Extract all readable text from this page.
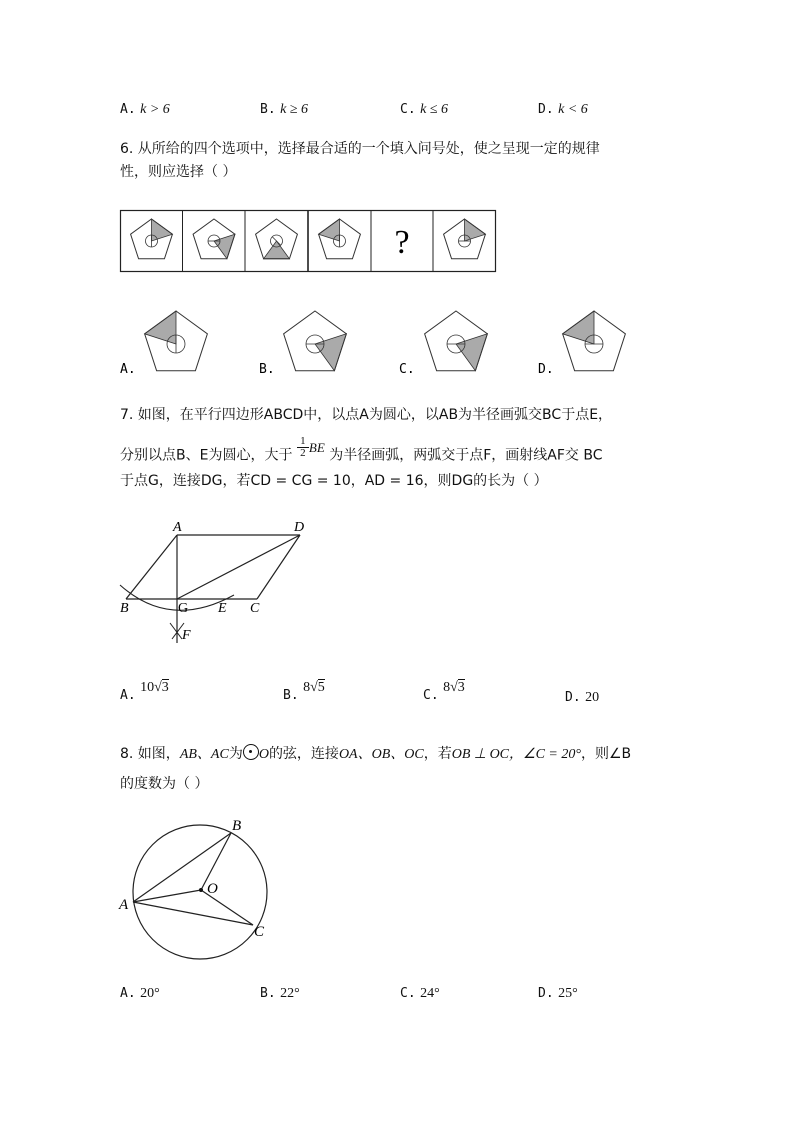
A. k > 6	B. k ≥ 6	C. k ≤ 6	D. k < 6
6. 从所给的四个选项中，选择最合适的一个填入问号处，使之呈现一定的规律
性，则应选择（ ）
?
A.	B.	C.	D.
7. 如图，在平行四边形ABCD中，以点A为圆心，以AB为半径画弧交BC于点E，
分别以点B、E为圆心，大于 $\frac{1}{2}$ BE 为半径画弧，两弧交于点F，画射线AF交 BC
于点G，连接DG，若CD = CG = 10，AD = 16，则DG的长为（ ）
A	D
B	G E C
F
A. 10√3
B. 8√5
C. 8√3
D. 20
8. 如图，AB、AC为 O的弦，连接OA、OB、OC，若OB ⊥ OC，∠C = 20°，则∠B
的度数为（ ）
B
O
A
C
A. 20°	B. 22°	C. 24°	D. 25°
